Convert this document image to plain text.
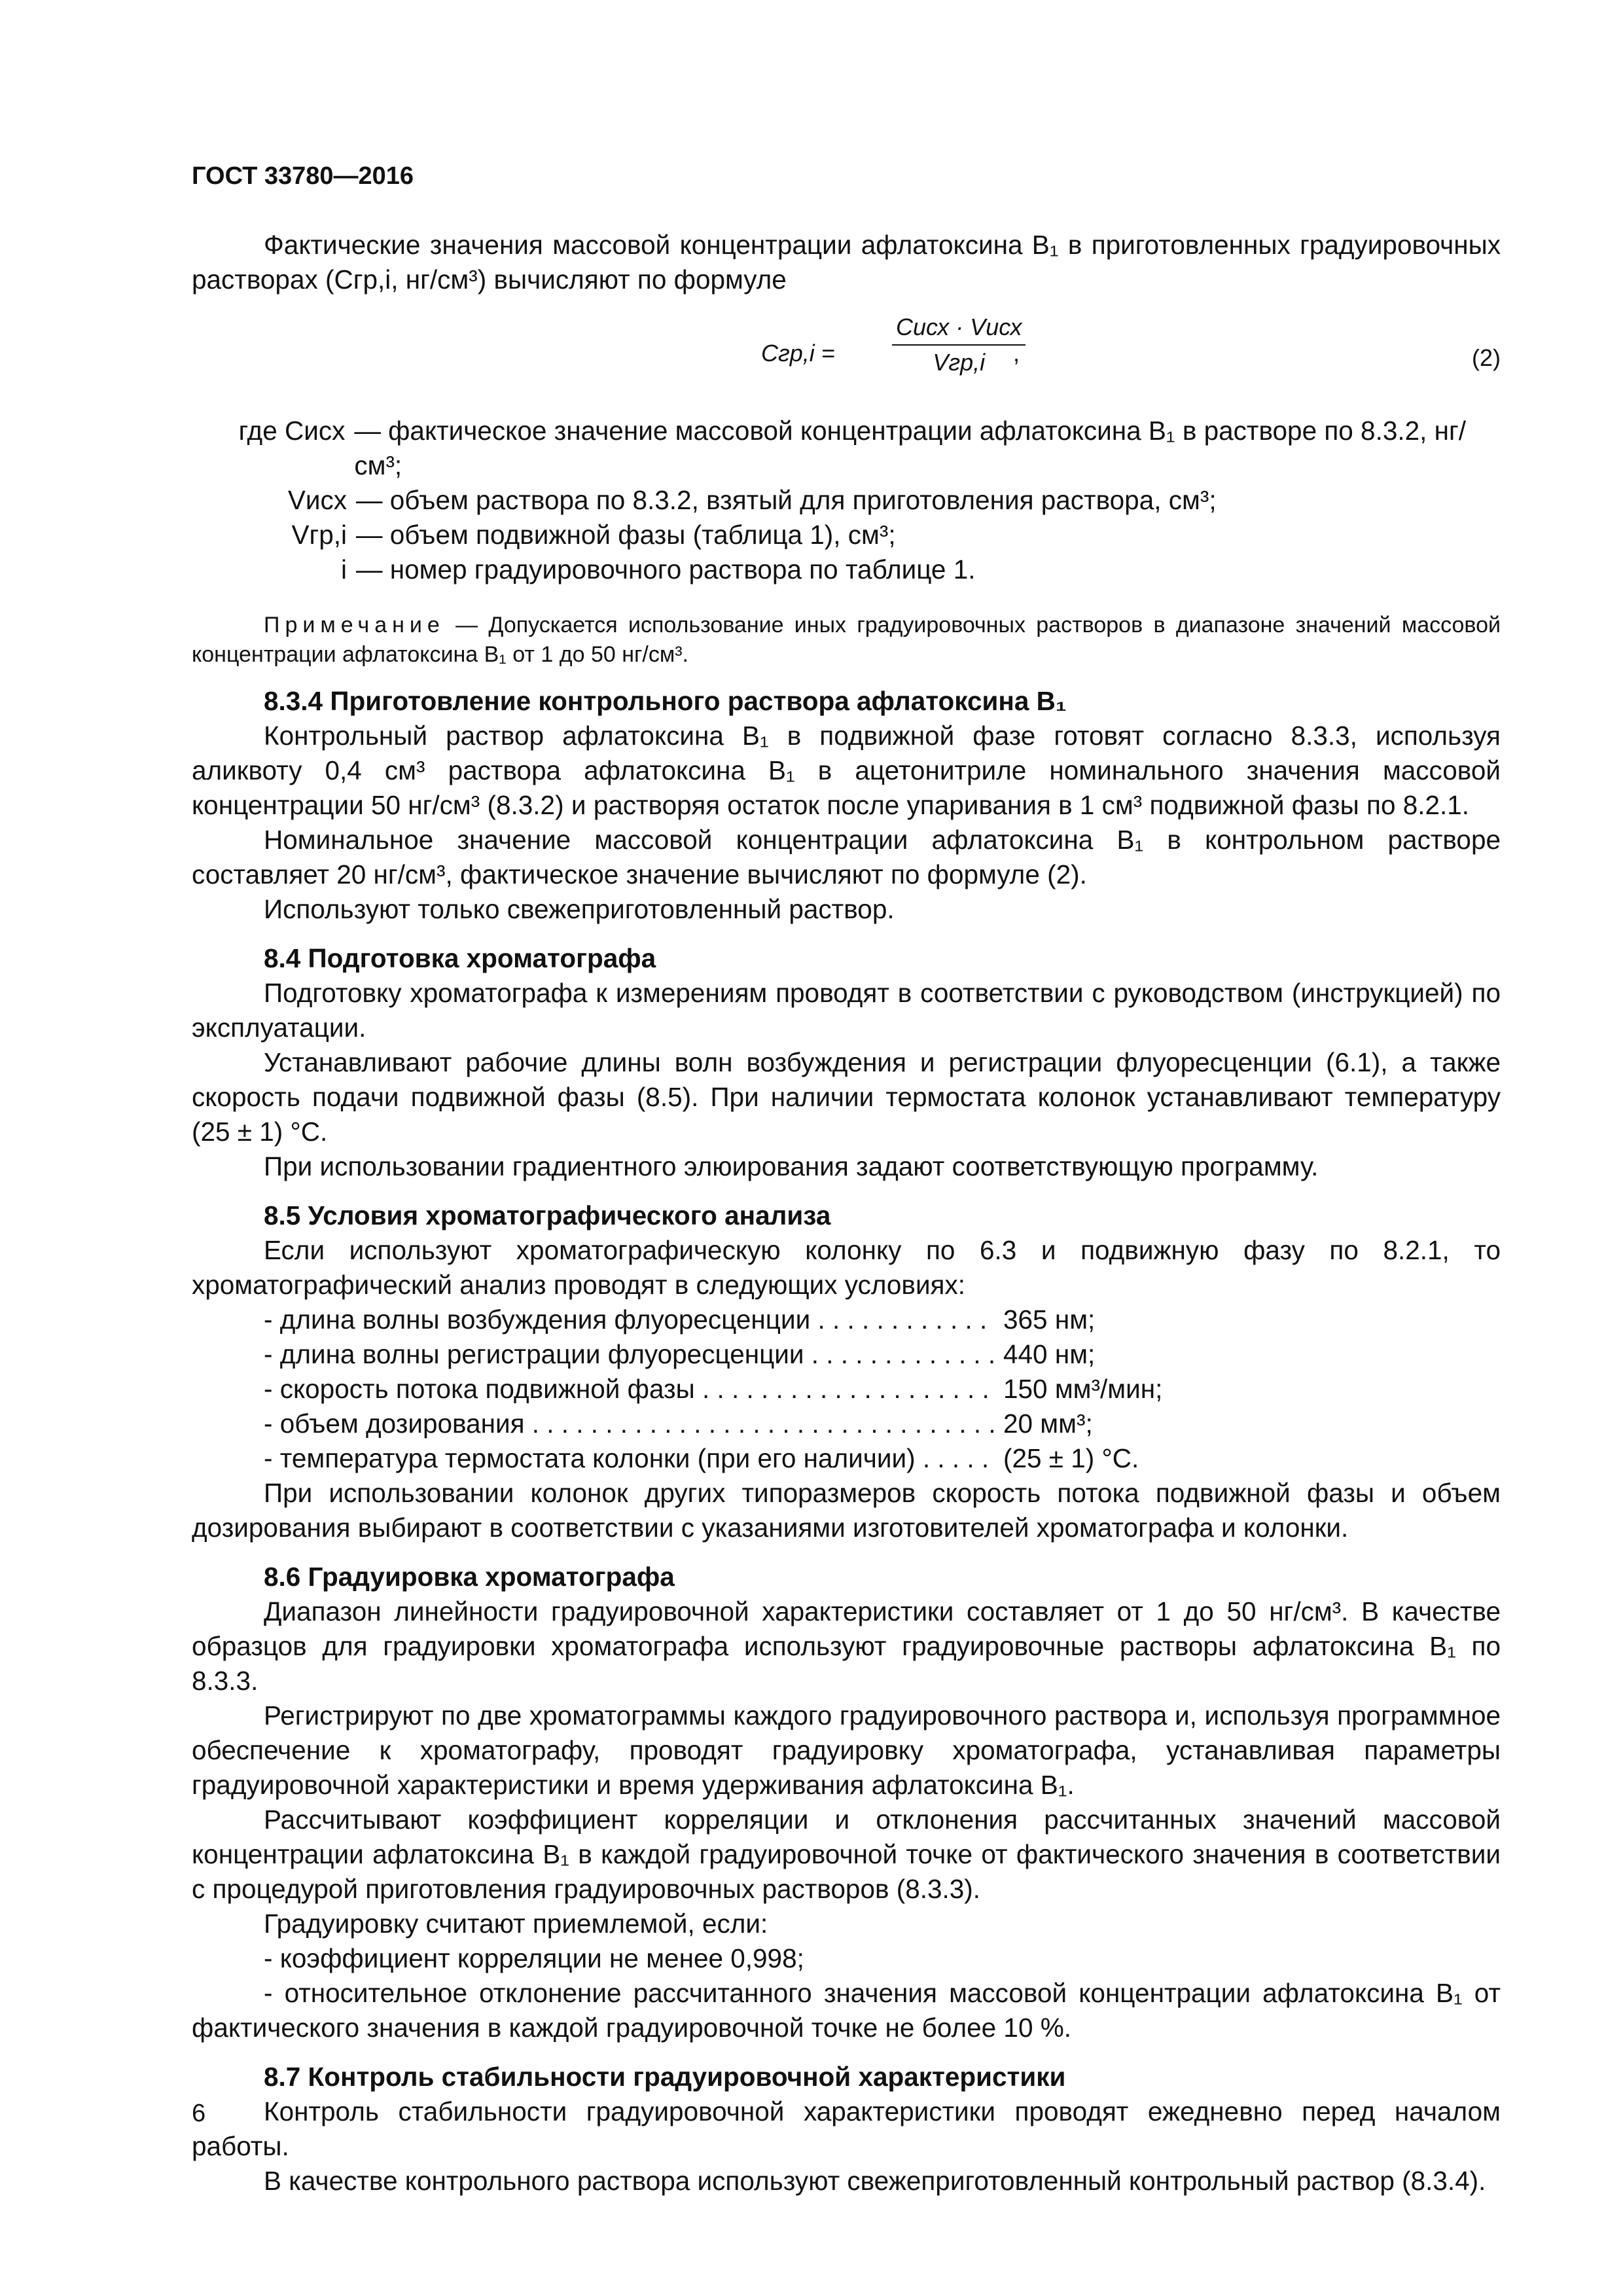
ГОСТ 33780—2016

Фактические значения массовой концентрации афлатоксина B₁ в приготовленных градуировочных растворах (Cгр,i, нг/см³) вычисляют по формуле

Cгр,i =
Cисх · Vисх
Vгр,i	,	(2)
где Cисх — фактическое значение массовой концентрации афлатоксина B₁ в растворе по 8.3.2, нг/см³;
Vисх — объем раствора по 8.3.2, взятый для приготовления раствора, см³;
Vгр,i — объем подвижной фазы (таблица 1), см³;
i — номер градуировочного раствора по таблице 1.

Примечание — Допускается использование иных градуировочных растворов в диапазоне значений массовой концентрации афлатоксина B₁ от 1 до 50 нг/см³.

8.3.4 Приготовление контрольного раствора афлатоксина B₁

Контрольный раствор афлатоксина B₁ в подвижной фазе готовят согласно 8.3.3, используя аликвоту 0,4 см³ раствора афлатоксина B₁ в ацетонитриле номинального значения массовой концентрации 50 нг/см³ (8.3.2) и растворяя остаток после упаривания в 1 см³ подвижной фазы по 8.2.1.

Номинальное значение массовой концентрации афлатоксина B₁ в контрольном растворе составляет 20 нг/см³, фактическое значение вычисляют по формуле (2).

Используют только свежеприготовленный раствор.

8.4 Подготовка хроматографа

Подготовку хроматографа к измерениям проводят в соответствии с руководством (инструкцией) по эксплуатации.

Устанавливают рабочие длины волн возбуждения и регистрации флуоресценции (6.1), а также скорость подачи подвижной фазы (8.5). При наличии термостата колонок устанавливают температуру (25 ± 1) °С.

При использовании градиентного элюирования задают соответствующую программу.

8.5 Условия хроматографического анализа

Если используют хроматографическую колонку по 6.3 и подвижную фазу по 8.2.1, то хроматографический анализ проводят в следующих условиях:

- длина волны возбуждения флуоресценции . . .	365 нм;
- длина волны регистрации флуоресценции . . .	440 нм;
- скорость потока подвижной фазы . . .	150 мм³/мин;
- объем дозирования . . .	20 мм³;
- температура термостата колонки (при его наличии) . . .	(25 ± 1) °С.

При использовании колонок других типоразмеров скорость потока подвижной фазы и объем дозирования выбирают в соответствии с указаниями изготовителей хроматографа и колонки.

8.6 Градуировка хроматографа

Диапазон линейности градуировочной характеристики составляет от 1 до 50 нг/см³. В качестве образцов для градуировки хроматографа используют градуировочные растворы афлатоксина B₁ по 8.3.3.

Регистрируют по две хроматограммы каждого градуировочного раствора и, используя программное обеспечение к хроматографу, проводят градуировку хроматографа, устанавливая параметры градуировочной характеристики и время удерживания афлатоксина B₁.

Рассчитывают коэффициент корреляции и отклонения рассчитанных значений массовой концентрации афлатоксина B₁ в каждой градуировочной точке от фактического значения в соответствии с процедурой приготовления градуировочных растворов (8.3.3).

Градуировку считают приемлемой, если:

- коэффициент корреляции не менее 0,998;

- относительное отклонение рассчитанного значения массовой концентрации афлатоксина B₁ от фактического значения в каждой градуировочной точке не более 10 %.

8.7 Контроль стабильности градуировочной характеристики

Контроль стабильности градуировочной характеристики проводят ежедневно перед началом работы.

В качестве контрольного раствора используют свежеприготовленный контрольный раствор (8.3.4).

6
